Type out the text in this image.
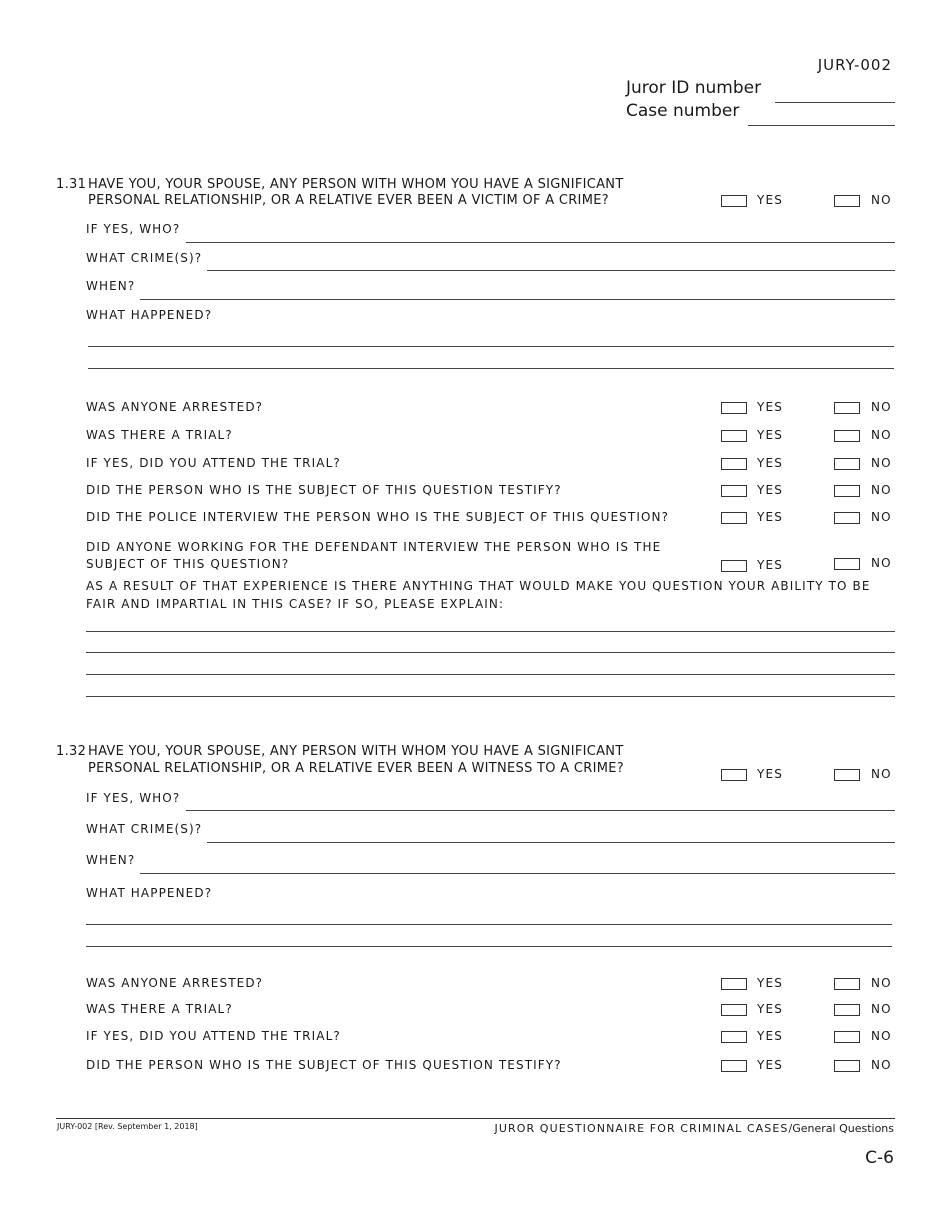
JURY-002
Juror ID number
Case number
1.31 HAVE YOU, YOUR SPOUSE, ANY PERSON WITH WHOM YOU HAVE A SIGNIFICANT
PERSONAL RELATIONSHIP, OR A RELATIVE EVER BEEN A VICTIM OF A CRIME?	YES	NO
IF YES, WHO?
WHAT CRIME(S)?
WHEN?
WHAT HAPPENED?
WAS ANYONE ARRESTED?	YES	NO
WAS THERE A TRIAL?	YES	NO
IF YES, DID YOU ATTEND THE TRIAL?	YES	NO
DID THE PERSON WHO IS THE SUBJECT OF THIS QUESTION TESTIFY?	YES	NO
DID THE POLICE INTERVIEW THE PERSON WHO IS THE SUBJECT OF THIS QUESTION?	YES	NO
DID ANYONE WORKING FOR THE DEFENDANT INTERVIEW THE PERSON WHO IS THE
SUBJECT OF THIS QUESTION?	YES	NO
AS A RESULT OF THAT EXPERIENCE IS THERE ANYTHING THAT WOULD MAKE YOU QUESTION YOUR ABILITY TO BE
FAIR AND IMPARTIAL IN THIS CASE? IF SO, PLEASE EXPLAIN:
1.32 HAVE YOU, YOUR SPOUSE, ANY PERSON WITH WHOM YOU HAVE A SIGNIFICANT
PERSONAL RELATIONSHIP, OR A RELATIVE EVER BEEN A WITNESS TO A CRIME?	YES	NO
IF YES, WHO?
WHAT CRIME(S)?
WHEN?
WHAT HAPPENED?
WAS ANYONE ARRESTED?	YES	NO
WAS THERE A TRIAL?	YES	NO
IF YES, DID YOU ATTEND THE TRIAL?	YES	NO
DID THE PERSON WHO IS THE SUBJECT OF THIS QUESTION TESTIFY?	YES	NO
JURY-002 [Rev. September 1, 2018]	JUROR QUESTIONNAIRE FOR CRIMINAL CASES/General Questions
C-6
